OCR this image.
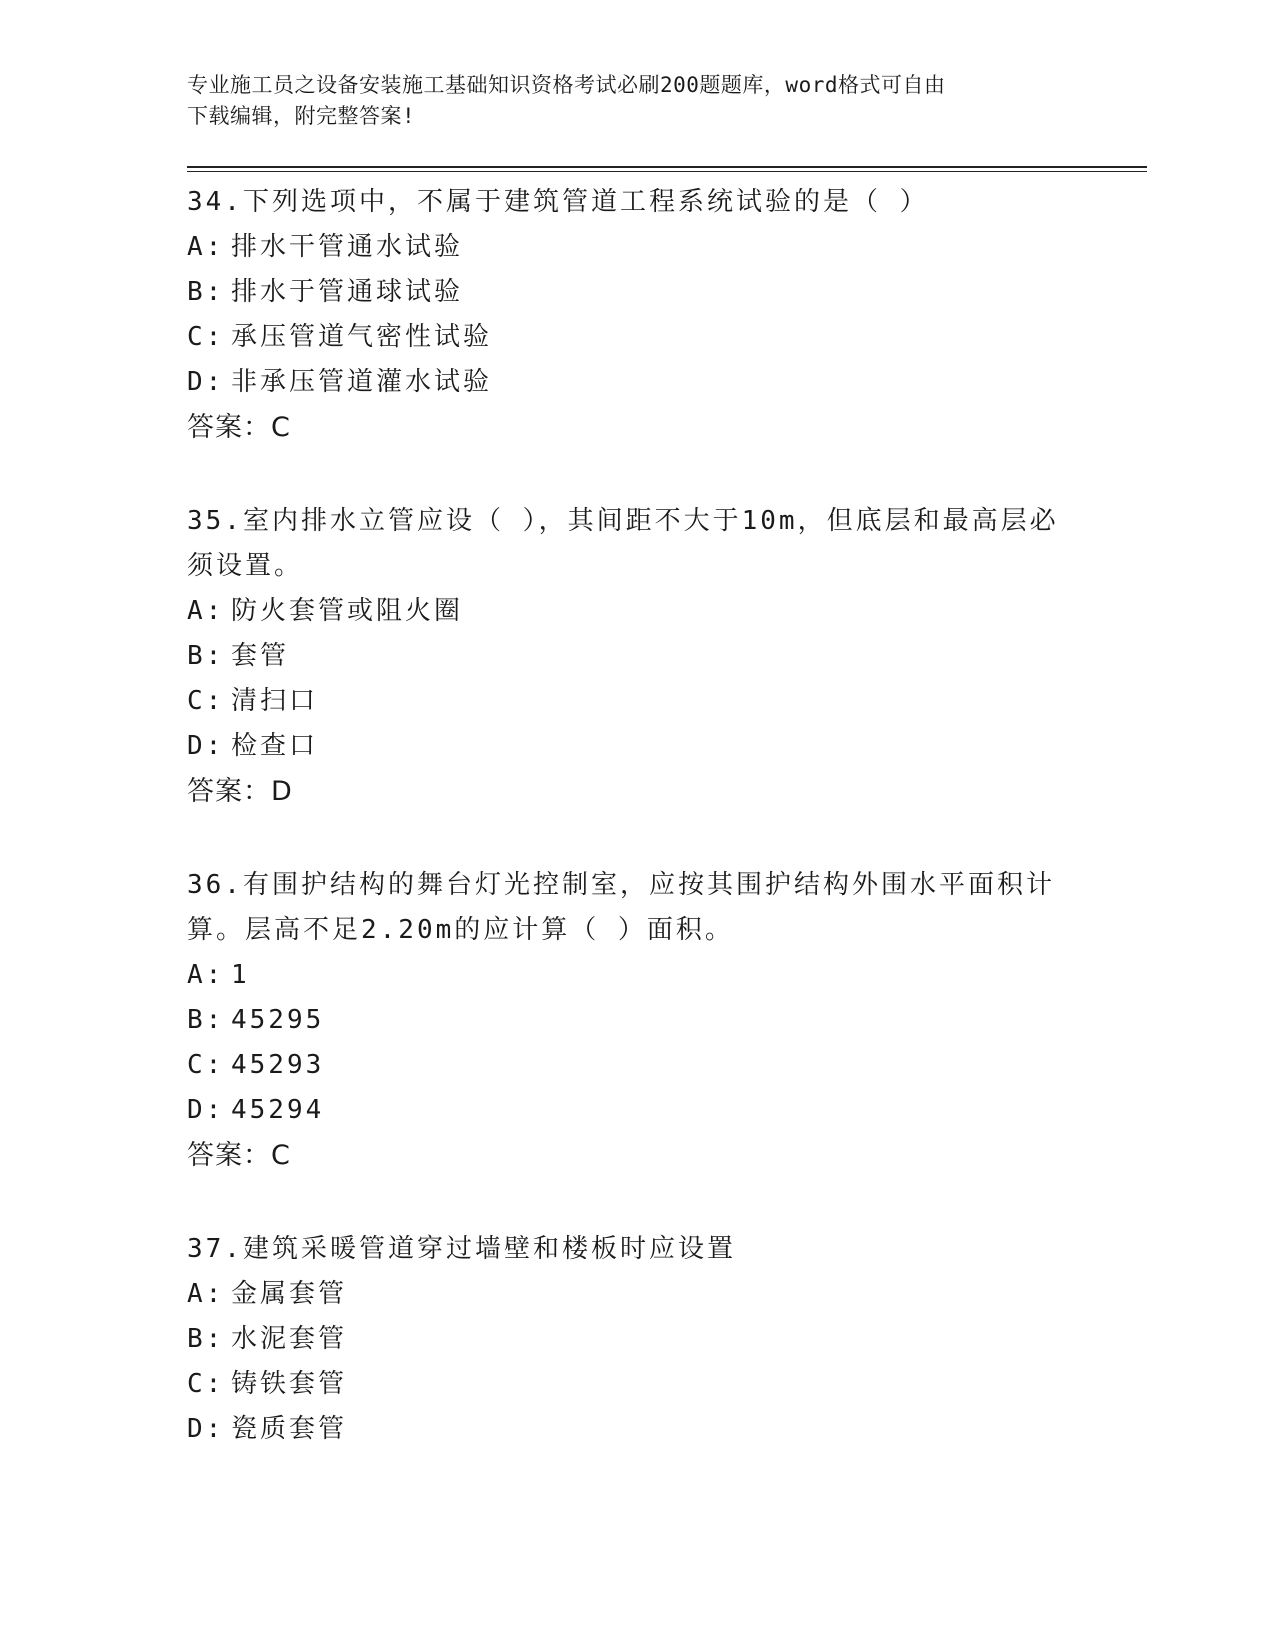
专业施工员之设备安装施工基础知识资格考试必刷200题题库，word格式可自由
下载编辑，附完整答案!
34.下列选项中，不属于建筑管道工程系统试验的是（ ）
A: 排水干管通水试验
B: 排水于管通球试验
C: 承压管道气密性试验
D: 非承压管道灌水试验
答案：C
35.室内排水立管应设（ ），其间距不大于10m，但底层和最高层必须设置。
A: 防火套管或阻火圈
B: 套管
C: 清扫口
D: 检查口
答案：D
36.有围护结构的舞台灯光控制室，应按其围护结构外围水平面积计算。层高不足2.20m的应计算（ ）面积。
A: 1
B: 45295
C: 45293
D: 45294
答案：C
37.建筑采暖管道穿过墙壁和楼板时应设置
A: 金属套管
B: 水泥套管
C: 铸铁套管
D: 瓷质套管
